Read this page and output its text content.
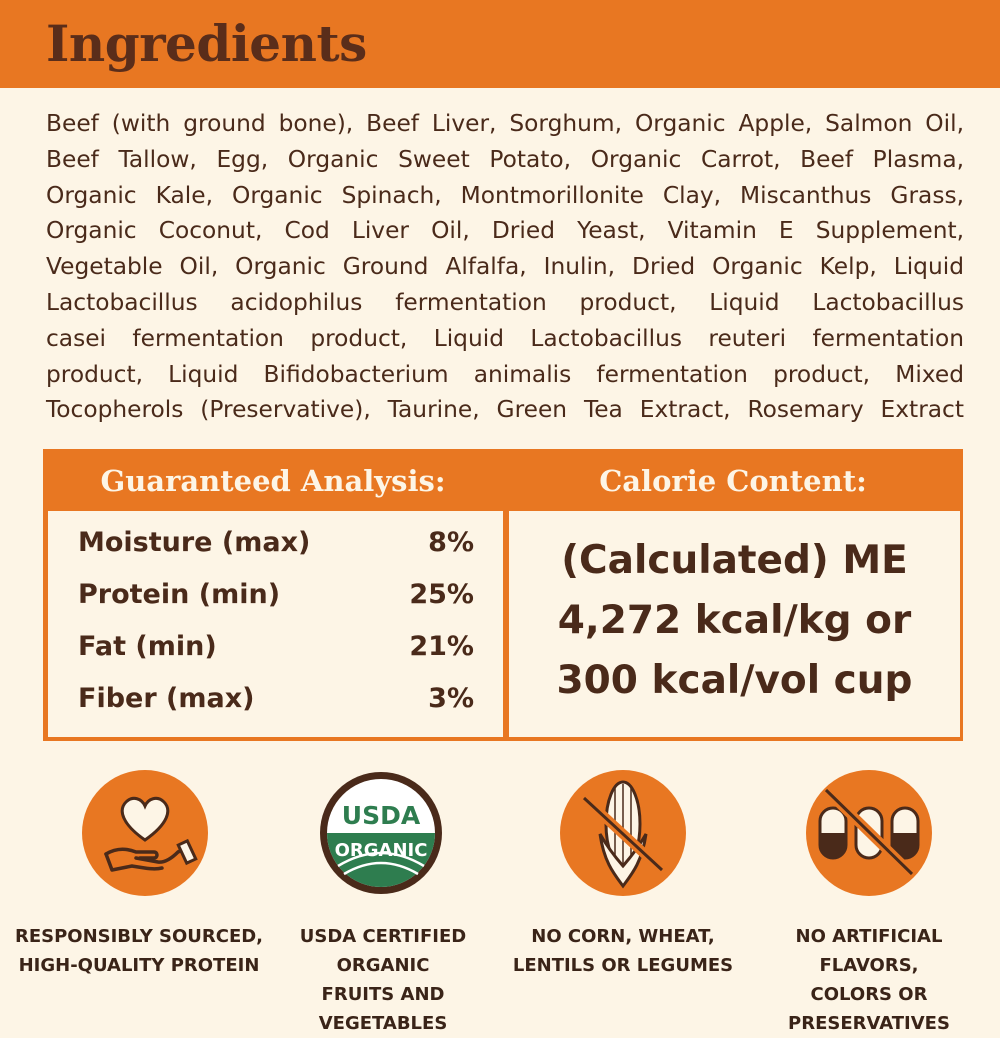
Ingredients
Beef (with ground bone), Beef Liver, Sorghum, Organic Apple, Salmon Oil,
Beef Tallow, Egg, Organic Sweet Potato, Organic Carrot, Beef Plasma,
Organic Kale, Organic Spinach, Montmorillonite Clay, Miscanthus Grass,
Organic Coconut, Cod Liver Oil, Dried Yeast, Vitamin E Supplement,
Vegetable Oil, Organic Ground Alfalfa, Inulin, Dried Organic Kelp, Liquid
Lactobacillus acidophilus fermentation product, Liquid Lactobacillus
casei fermentation product, Liquid Lactobacillus reuteri fermentation
product, Liquid Bifidobacterium animalis fermentation product, Mixed
Tocopherols (Preservative), Taurine, Green Tea Extract, Rosemary Extract
Guaranteed Analysis:	Calorie Content:
Moisture (max)	8%
Protein (min)	25%
Fat (min)	21%
Fiber (max)	3%
(Calculated) ME
4,272 kcal/kg or
300 kcal/vol cup
RESPONSIBLY SOURCED,
HIGH-QUALITY PROTEIN
USDA
ORGANIC
USDA CERTIFIED ORGANIC
FRUITS AND VEGETABLES
NO CORN, WHEAT,
LENTILS OR LEGUMES
NO ARTIFICIAL FLAVORS,
COLORS OR PRESERVATIVES
